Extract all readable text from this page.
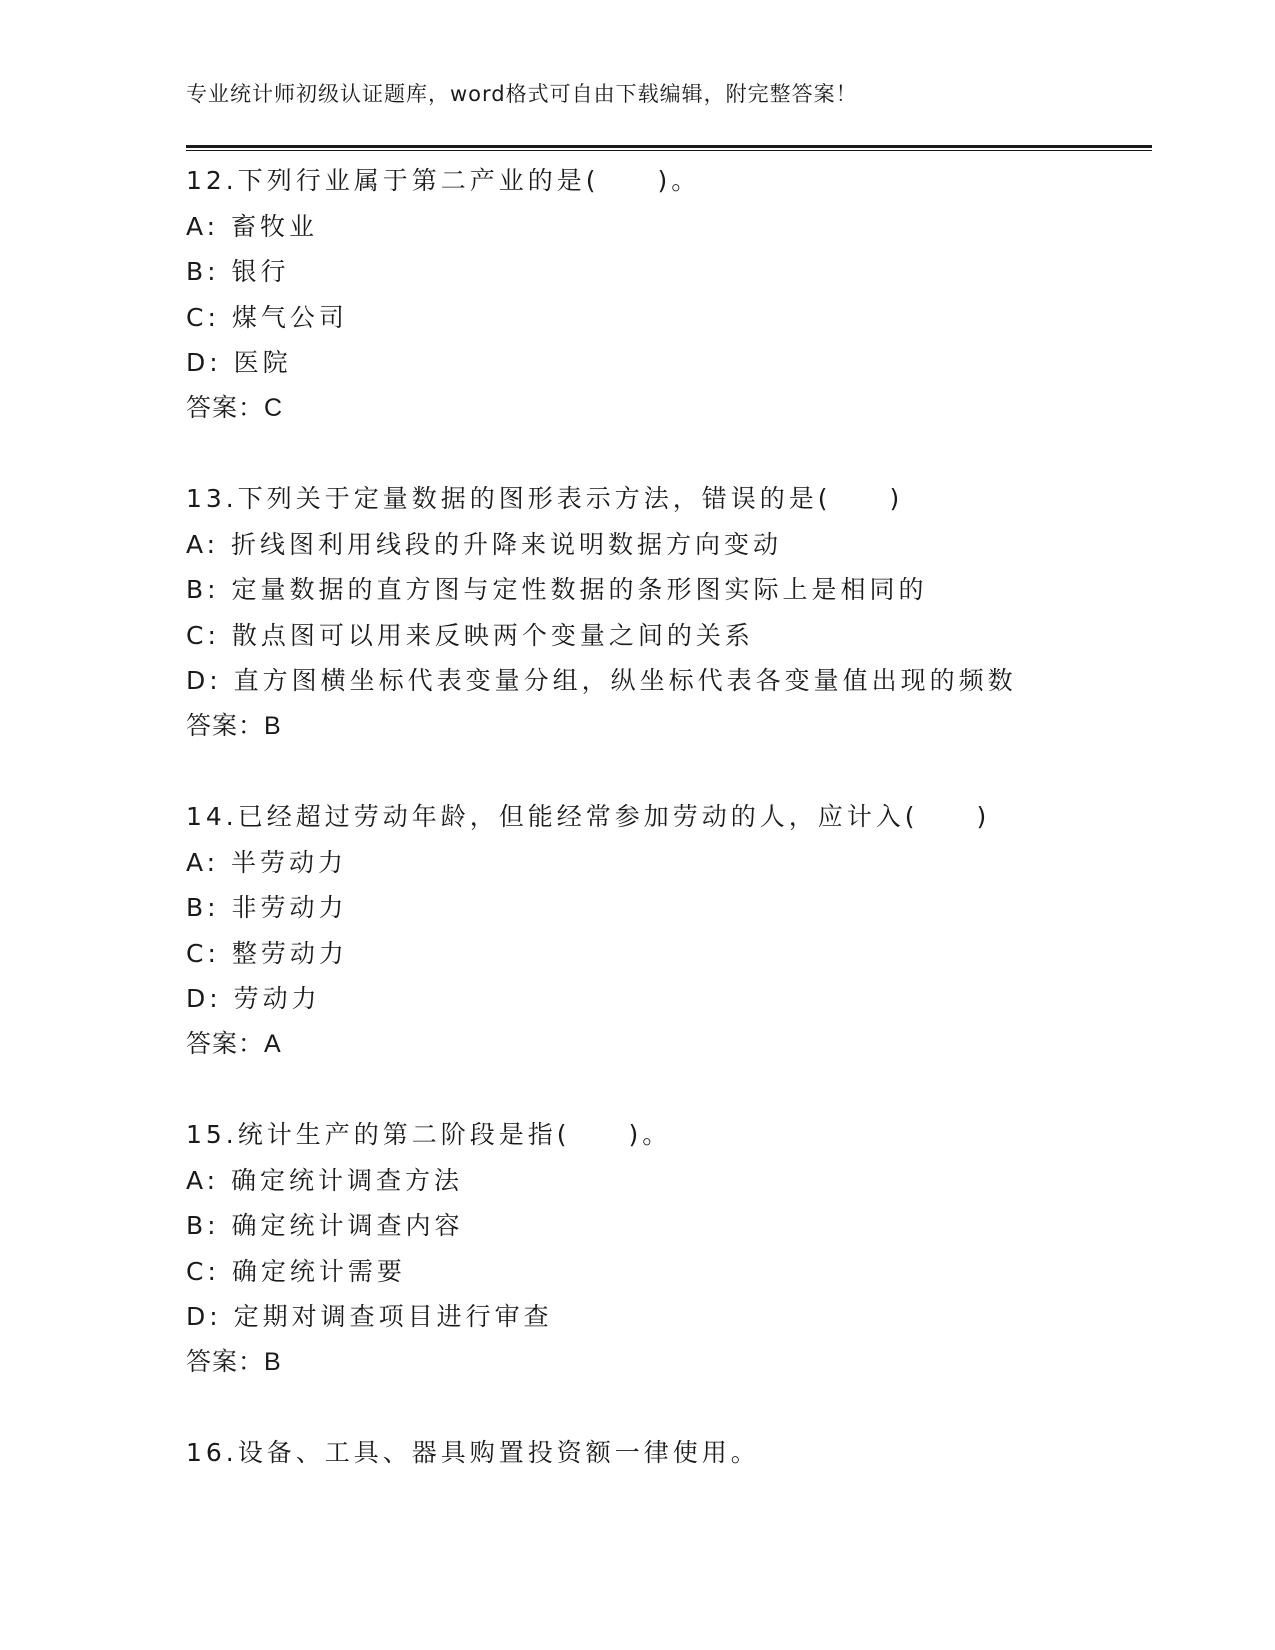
专业统计师初级认证题库，word格式可自由下载编辑，附完整答案！
12.下列行业属于第二产业的是(　　)。
A: 畜牧业
B: 银行
C: 煤气公司
D: 医院
答案：C
13.下列关于定量数据的图形表示方法，错误的是(　　)
A: 折线图利用线段的升降来说明数据方向变动
B: 定量数据的直方图与定性数据的条形图实际上是相同的
C: 散点图可以用来反映两个变量之间的关系
D: 直方图横坐标代表变量分组，纵坐标代表各变量值出现的频数
答案：B
14.已经超过劳动年龄，但能经常参加劳动的人，应计入(　　)
A: 半劳动力
B: 非劳动力
C: 整劳动力
D: 劳动力
答案：A
15.统计生产的第二阶段是指(　　)。
A: 确定统计调查方法
B: 确定统计调查内容
C: 确定统计需要
D: 定期对调查项目进行审查
答案：B
16.设备、工具、器具购置投资额一律使用。
